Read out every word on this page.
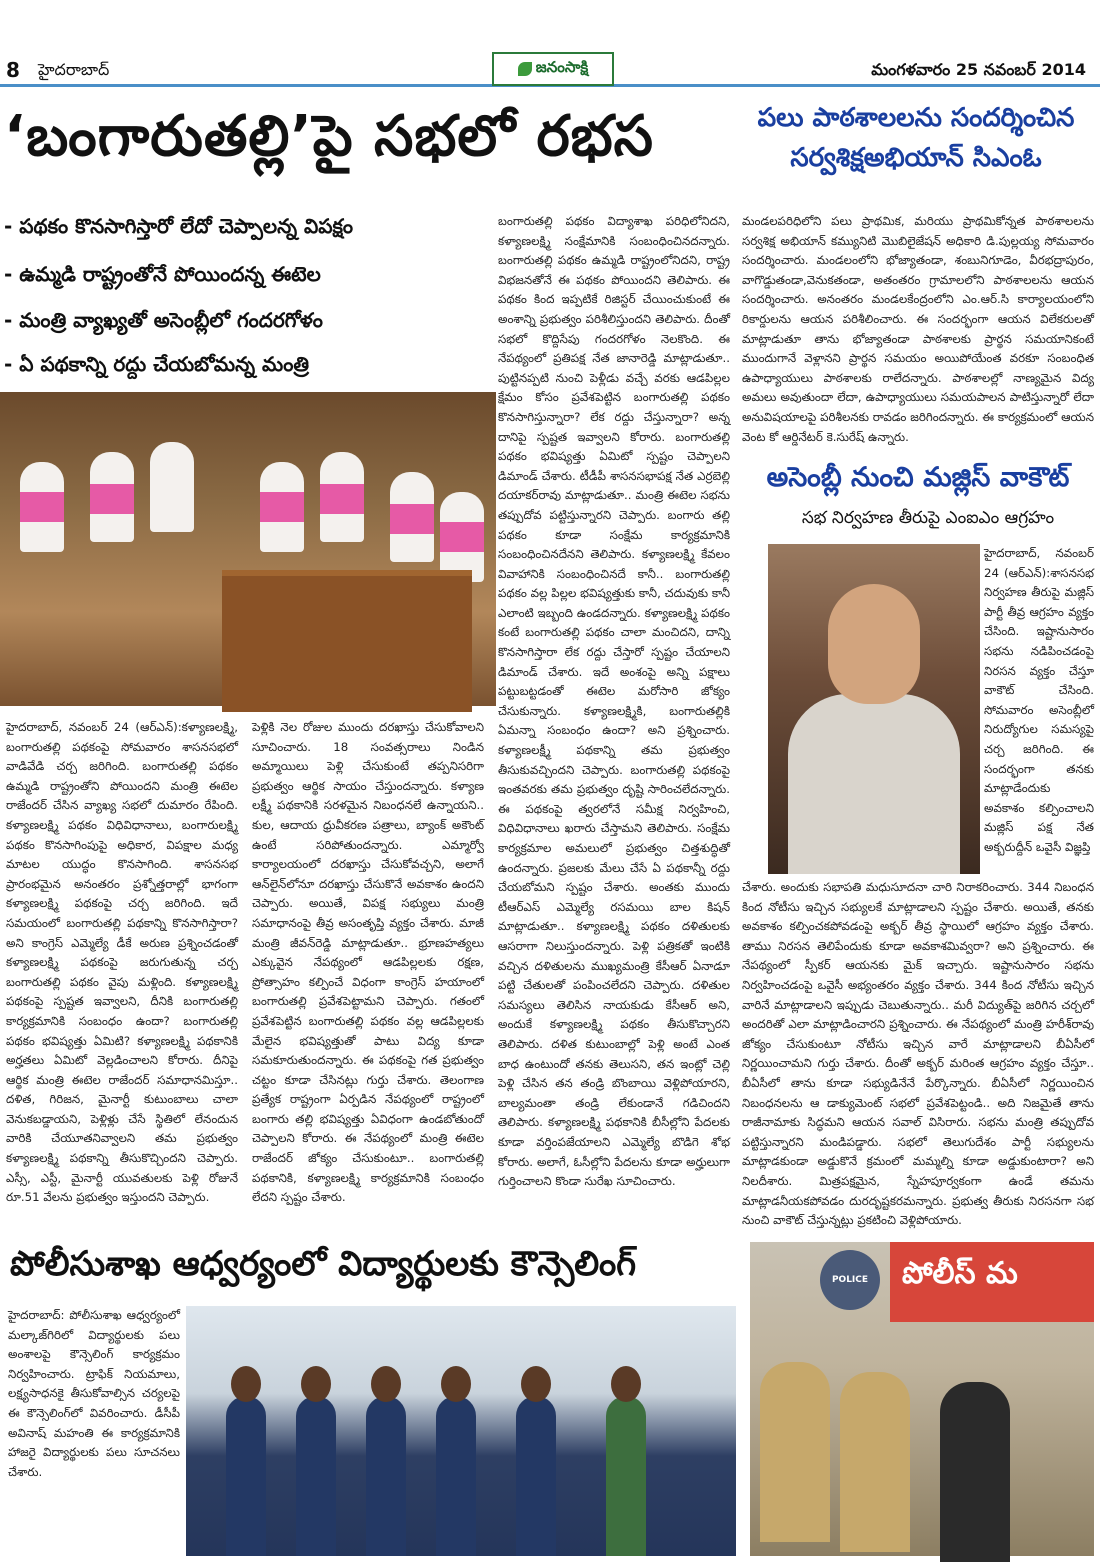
8 హైదరాబాద్	జనంసాక్షి	మంగళవారం 25 నవంబర్ 2014
‘బంగారుతల్లి’పై సభలో రభస	పలు పాఠశాలలను సందర్శించిన
సర్వశిక్షఅభియాన్ సిఎంఓ
- పథకం కొనసాగిస్తారో లేదో చెప్పాలన్న విపక్షం
- ఉమ్మడి రాష్ట్రంతోనే పోయిందన్న ఈటెల
- మంత్రి వ్యాఖ్యతో అసెంబ్లీలో గందరగోళం
- ఏ పథకాన్ని రద్దు చేయబోమన్న మంత్రి

హైదరాబాద్, నవంబర్ 24 (ఆర్‌ఎన్‌):కళ్యాణలక్ష్మి, బంగారుతల్లి పథకంపై సోమవారం శాసనసభలో వాడివేడి చర్చ జరిగింది. బంగారుతల్లి పథకం ఉమ్మడి రాష్ట్రంతోని పోయిందని మంత్రి ఈటెల రాజేందర్‌ చేసిన వ్యాఖ్య సభలో దుమారం రేపింది. కళ్యాణలక్ష్మి పథకం విధివిధానాలు, బంగారులక్ష్మి పథకం కొనసాగింపుపై అధికార, విపక్షాల మధ్య మాటల యుద్ధం కొనసాగింది. శాసనసభ ప్రారంభమైన అనంతరం ప్రశ్నోత్తరాల్లో భాగంగా కళ్యాణలక్ష్మి పథకంపై చర్చ జరిగింది. ఇదే సమయంలో బంగారుతల్లి పథకాన్ని కొనసాగిస్తారా? అని కాంగ్రెస్‌ ఎమ్మెల్యే డీకే అరుణ ప్రశ్నించడంతో కళ్యాణలక్ష్మి పథకంపై జరుగుతున్న చర్చ బంగారుతల్లి పథకం వైపు మళ్లింది. కళ్యాణలక్ష్మి పథకంపై స్పష్టత ఇవ్వాలని, దీనికి బంగారుతల్లి కార్యక్రమానికి సంబంధం ఉందా? బంగారుతల్లి పథకం భవిష్యత్తు ఏమిటి? కళ్యాణలక్ష్మి పథకానికి అర్హతలు ఏమిటో వెల్లడించాలని కోరారు. దీనిపై ఆర్థిక మంత్రి ఈటెల రాజేందర్‌ సమాధానమిస్తూ.. దళిత, గిరిజన, మైనార్టీ కుటుంబాలు చాలా వెనుకబడ్డాయని, పెళ్లిళ్లు చేసే స్థితిలో లేనందున వారికి చేయూతనివ్వాలని తమ ప్రభుత్వం కళ్యాణలక్ష్మి పథకాన్ని తీసుకొచ్చిందని చెప్పారు. ఎస్సీ, ఎస్టీ, మైనార్టీ యువతులకు పెళ్లి రోజునే రూ.51 వేలను ప్రభుత్వం ఇస్తుందని చెప్పారు.

పెళ్లికి నెల రోజుల ముందు దరఖాస్తు చేసుకోవాలని సూచించారు. 18 సంవత్సరాలు నిండిన అమ్మాయిలు పెళ్లి చేసుకుంటే తప్పనిసరిగా ప్రభుత్వం ఆర్థిక సాయం చేస్తుందన్నారు. కళ్యాణ లక్ష్మీ పథకానికి సరళమైన నిబంధనలే ఉన్నాయని.. కుల, ఆదాయ ధ్రువీకరణ పత్రాలు, బ్యాంక్‌ అకౌంట్‌ ఉంటే సరిపోతుందన్నారు. ఎమ్మార్వో కార్యాలయంలో దరఖాస్తు చేసుకోవచ్చని, అలాగే ఆన్‌లైన్‌లోనూ దరఖాస్తు చేసుకొనే అవకాశం ఉందని చెప్పారు. అయితే, విపక్ష సభ్యులు మంత్రి సమాధానంపై తీవ్ర అసంతృప్తి వ్యక్తం చేశారు. మాజీ మంత్రి జీవన్‌రెడ్డి మాట్లాడుతూ.. భ్రూణహత్యలు ఎక్కువైన నేపథ్యంలో ఆడపిల్లలకు రక్షణ, ప్రోత్సాహం కల్పించే విధంగా కాంగ్రెస్‌ హయాంలో బంగారుతల్లి ప్రవేశపెట్టామని చెప్పారు. గతంలో ప్రవేశపెట్టిన బంగారుతల్లి పథకం వల్ల ఆడపిల్లలకు మేలైన భవిష్యత్తుతో పాటు విద్య కూడా సమకూరుతుందన్నారు. ఈ పథకంపై గత ప్రభుత్వం చట్టం కూడా చేసినట్లు గుర్తు చేశారు. తెలంగాణ ప్రత్యేక రాష్ట్రంగా ఏర్పడిన నేపథ్యంలో రాష్ట్రంలో బంగారు తల్లి భవిష్యత్తు ఏవిధంగా ఉండబోతుందో చెప్పాలని కోరారు. ఈ నేపథ్యంలో మంత్రి ఈటెల రాజేందర్‌ జోక్యం చేసుకుంటూ.. బంగారుతల్లి పథకానికి, కళ్యాణలక్ష్మి కార్యక్రమానికి సంబంధం లేదని స్పష్టం చేశారు.

బంగారుతల్లి పథకం విద్యాశాఖ పరిధిలోనిదని, కళ్యాణలక్ష్మి సంక్షేమానికి సంబంధించినదన్నారు. బంగారుతల్లి పథకం ఉమ్మడి రాష్ట్రంలోనిదని, రాష్ట్ర విభజనతోనే ఈ పథకం పోయిందని తెలిపారు. ఈ పథకం కింద ఇప్పటికే రిజిస్టర్‌ చేయించుకుంటే ఈ అంశాన్ని ప్రభుత్వం పరిశీలిస్తుందని తెలిపారు. దీంతో సభలో కొద్దిసేపు గందరగోళం నెలకొంది. ఈ నేపథ్యంలో ప్రతిపక్ష నేత జానారెడ్డి మాట్లాడుతూ.. పుట్టినప్పటి నుంచి పెళ్లీడు వచ్చే వరకు ఆడపిల్లల క్షేమం కోసం ప్రవేశపెట్టిన బంగారుతల్లి పథకం కొనసాగిస్తున్నారా? లేక రద్దు చేస్తున్నారా? అన్న దానిపై స్పష్టత ఇవ్వాలని కోరారు. బంగారుతల్లి పథకం భవిష్యత్తు ఏమిటో స్పష్టం చెప్పాలని డిమాండ్‌ చేశారు. టీడీపీ శాసనసభాపక్ష నేత ఎర్రబెల్లి దయాకర్‌రావు మాట్లాడుతూ.. మంత్రి ఈటెల సభను తప్పుదోవ పట్టిస్తున్నారని చెప్పారు. బంగారు తల్లి పథకం కూడా సంక్షేమ కార్యక్రమానికి సంబంధించినదేనని తెలిపారు. కళ్యాణలక్ష్మి కేవలం వివాహానికి సంబంధించినదే కానీ.. బంగారుతల్లి పథకం వల్ల పిల్లల భవిష్యత్తుకు కానీ, చదువుకు కానీ ఎలాంటి ఇబ్బంది ఉండదన్నారు. కళ్యాణలక్ష్మి పథకం కంటే బంగారుతల్లి పథకం చాలా మంచిదని, దాన్ని కొనసాగిస్తారా లేక రద్దు చేస్తారో స్పష్టం చేయాలని డిమాండ్‌ చేశారు. ఇదే అంశంపై అన్ని పక్షాలు పట్టుబట్టడంతో ఈటెల మరోసారి జోక్యం చేసుకున్నారు. కళ్యాణలక్ష్మికి, బంగారుతల్లికి ఏమన్నా సంబంధం ఉందా? అని ప్రశ్నించారు. కళ్యాణలక్ష్మీ పథకాన్ని తమ ప్రభుత్వం తీసుకువచ్చిందని చెప్పారు. బంగారుతల్లి పథకంపై ఇంతవరకు తమ ప్రభుత్వం దృష్టి సారించలేదన్నారు. ఈ పథకంపై త్వరలోనే సమీక్ష నిర్వహించి, విధివిధానాలు ఖరారు చేస్తామని తెలిపారు. సంక్షేమ కార్యక్రమాల అమలులో ప్రభుత్వం చిత్తశుద్ధితో ఉందన్నారు. ప్రజలకు మేలు చేసే ఏ పథకాన్నీ రద్దు చేయబోమని స్పష్టం చేశారు. అంతకు ముందు టీఆర్‌ఎస్‌ ఎమ్మెల్యే రసమయి బాల కిషన్‌ మాట్లాడుతూ.. కళ్యాణలక్ష్మి పథకం దళితులకు ఆసరాగా నిలుస్తుందన్నారు. పెళ్లి పత్రికతో ఇంటికి వచ్చిన దళితులను ముఖ్యమంత్రి కేసీఆర్‌ ఏనాడూ పట్టి చేతులతో పంపించలేదని చెప్పారు. దళితుల సమస్యలు తెలిసిన నాయకుడు కేసీఆర్‌ అని, అందుకే కళ్యాణలక్ష్మి పథకం తీసుకొచ్చారని తెలిపారు. దళిత కుటుంబాల్లో పెళ్లి అంటే ఎంత బాధ ఉంటుందో తనకు తెలుసని, తన ఇంట్లో చెల్లి పెళ్లి చేసిన తన తండ్రి బొంబాయి వెళ్లిపోయారని, బాల్యమంతా తండ్రి లేకుండానే గడిచిందని తెలిపారు. కళ్యాణలక్ష్మి పథకానికి బీసీల్లోని పేదలకు కూడా వర్తింపజేయాలని ఎమ్మెల్యే బొడిగె శోభ కోరారు. అలాగే, ఓసీల్లోని పేదలను కూడా అర్హులుగా గుర్తించాలని కొండా సురేఖ సూచించారు.

మండలపరిధిలోని పలు ప్రాథమిక, మరియు ప్రాథమికోన్నత పాఠశాలలను సర్వశిక్ష అభియాన్ కమ్యునిటి మొబిలైజేషన్ అధికారి డి.పుల్లయ్య సోమవారం సందర్శించారు. మండలంలోని భోజ్యాతండా, శంబునిగూడెం, వీరభద్రాపురం, వాగొడ్డుతండా,వెనుకతండా, అతంతరం గ్రామాలలోని పాఠశాలలను ఆయన సందర్శించారు. అనంతరం మండలకేంద్రంలోని ఎం.ఆర్.సి కార్యాలయంలోని రికార్డులను ఆయన పరిశీలించారు. ఈ సందర్భంగా ఆయన విలేకరులతో మాట్లాడుతూ తాను భోజ్యాతండా పాఠశాలకు ప్రార్థన సమయానికంటే ముందుగానే వెళ్లానని ప్రార్థన సమయం అయిపోయేంత వరకూ సంబంధిత ఉపాధ్యాయులు పాఠశాలకు రాలేదన్నారు. పాఠశాలల్లో నాణ్యమైన విద్య అమలు అవుతుందా లేదా, ఉపాధ్యాయులు సమయపాలన పాటిస్తున్నారో లేదా అనువిషయాలపై పరిశీలనకు రావడం జరిగిందన్నారు. ఈ కార్యక్రమంలో ఆయన వెంట కో ఆర్డినేటర్ కె.సురేష్ ఉన్నారు.

అసెంబ్లీ నుంచి మజ్లిస్‌ వాకౌట్‌
సభ నిర్వహణ తీరుపై ఎంఐఎం ఆగ్రహం

హైదరాబాద్, నవంబర్ 24 (ఆర్‌ఎన్‌):శాసనసభ నిర్వహణ తీరుపై మజ్లిస్‌ పార్టీ తీవ్ర ఆగ్రహం వ్యక్తం చేసింది. ఇష్టానుసారం సభను నడిపించడంపై నిరసన వ్యక్తం చేస్తూ వాకౌట్‌ చేసింది. సోమవారం అసెంబ్లీలో నిరుద్యోగుల సమస్యపై చర్చ జరిగింది. ఈ సందర్భంగా తనకు మాట్లాడేందుకు అవకాశం కల్పించాలని మజ్లిస్‌ పక్ష నేత అక్బరుద్దీన్‌ ఒవైసీ విజ్ఞప్తి

చేశారు. అందుకు సభాపతి మధుసూదనా చారి నిరాకరించారు. 344 నిబంధన కింద నోటీసు ఇచ్చిన సభ్యులకే మాట్లాడాలని స్పష్టం చేశారు. అయితే, తనకు అవకాశం కల్పించకపోవడంపై అక్బర్‌ తీవ్ర స్థాయిలో ఆగ్రహం వ్యక్తం చేశారు. తాము నిరసన తెలిపేందుకు కూడా అవకాశమివ్వరా? అని ప్రశ్నించారు. ఈ నేపథ్యంలో స్పీకర్‌ ఆయనకు మైక్‌ ఇచ్చారు. ఇష్టానుసారం సభను నిర్వహించడంపై ఒవైసీ అభ్యంతరం వ్యక్తం చేశారు. 344 కింద నోటీసు ఇచ్చిన వారినే మాట్లాడాలని ఇప్పుడు చెబుతున్నారు.. మరీ విద్యుత్‌పై జరిగిన చర్చలో అందరితో ఎలా మాట్లాడించారని ప్రశ్నించారు. ఈ నేపథ్యంలో మంత్రి హరీశ్‌రావు జోక్యం చేసుకుంటూ నోటీసు ఇచ్చిన వారే మాట్లాడాలని బీఏసీలో నిర్ణయించామని గుర్తు చేశారు. దీంతో అక్బర్‌ మరింత ఆగ్రహం వ్యక్తం చేస్తూ.. బీఏసీలో తాను కూడా సభ్యుడినేనే పేర్కొన్నారు. బీఏసీలో నిర్ణయించిన నిబంధనలను ఆ డాక్యుమెంట్‌ సభలో ప్రవేశపెట్టండి.. అది నిజమైతే తాను రాజీనామాకు సిద్ధమని ఆయన సవాల్‌ విసిరారు. సభను మంత్రి తప్పుదోవ పట్టిస్తున్నారని మండిపడ్డారు. సభలో తెలుగుదేశం పార్టీ సభ్యులను మాట్లాడకుండా అడ్డుకొనే క్రమంలో మమ్మల్ని కూడా అడ్డుకుంటారా? అని నిలదీశారు. మిత్రపక్షమైన, స్నేహపూర్వకంగా ఉండే తమను మాట్లాడనీయకపోవడం దురదృష్టకరమన్నారు. ప్రభుత్వ తీరుకు నిరసనగా సభ నుంచి వాకౌట్‌ చేస్తున్నట్లు ప్రకటించి వెళ్లిపోయారు.

పోలీసుశాఖ ఆధ్వర్యంలో విద్యార్థులకు కౌన్సెలింగ్
హైదరాబాద్: పోలీసుశాఖ ఆధ్వర్యంలో మల్కాజ్‌గిరిలో విద్యార్థులకు పలు అంశాలపై కౌన్సెలింగ్ కార్యక్రమం నిర్వహించారు. ట్రాఫిక్ నియమాలు, లక్ష్యసాధనకై తీసుకోవాల్సిన చర్యలపై ఈ కౌన్సెలింగ్‌లో వివరించారు. డీసీపీ అవినాష్ మహంతి ఈ కార్యక్రమానికి హాజరై విద్యార్థులకు పలు సూచనలు చేశారు.
పోలీస్ మ
POLICE
